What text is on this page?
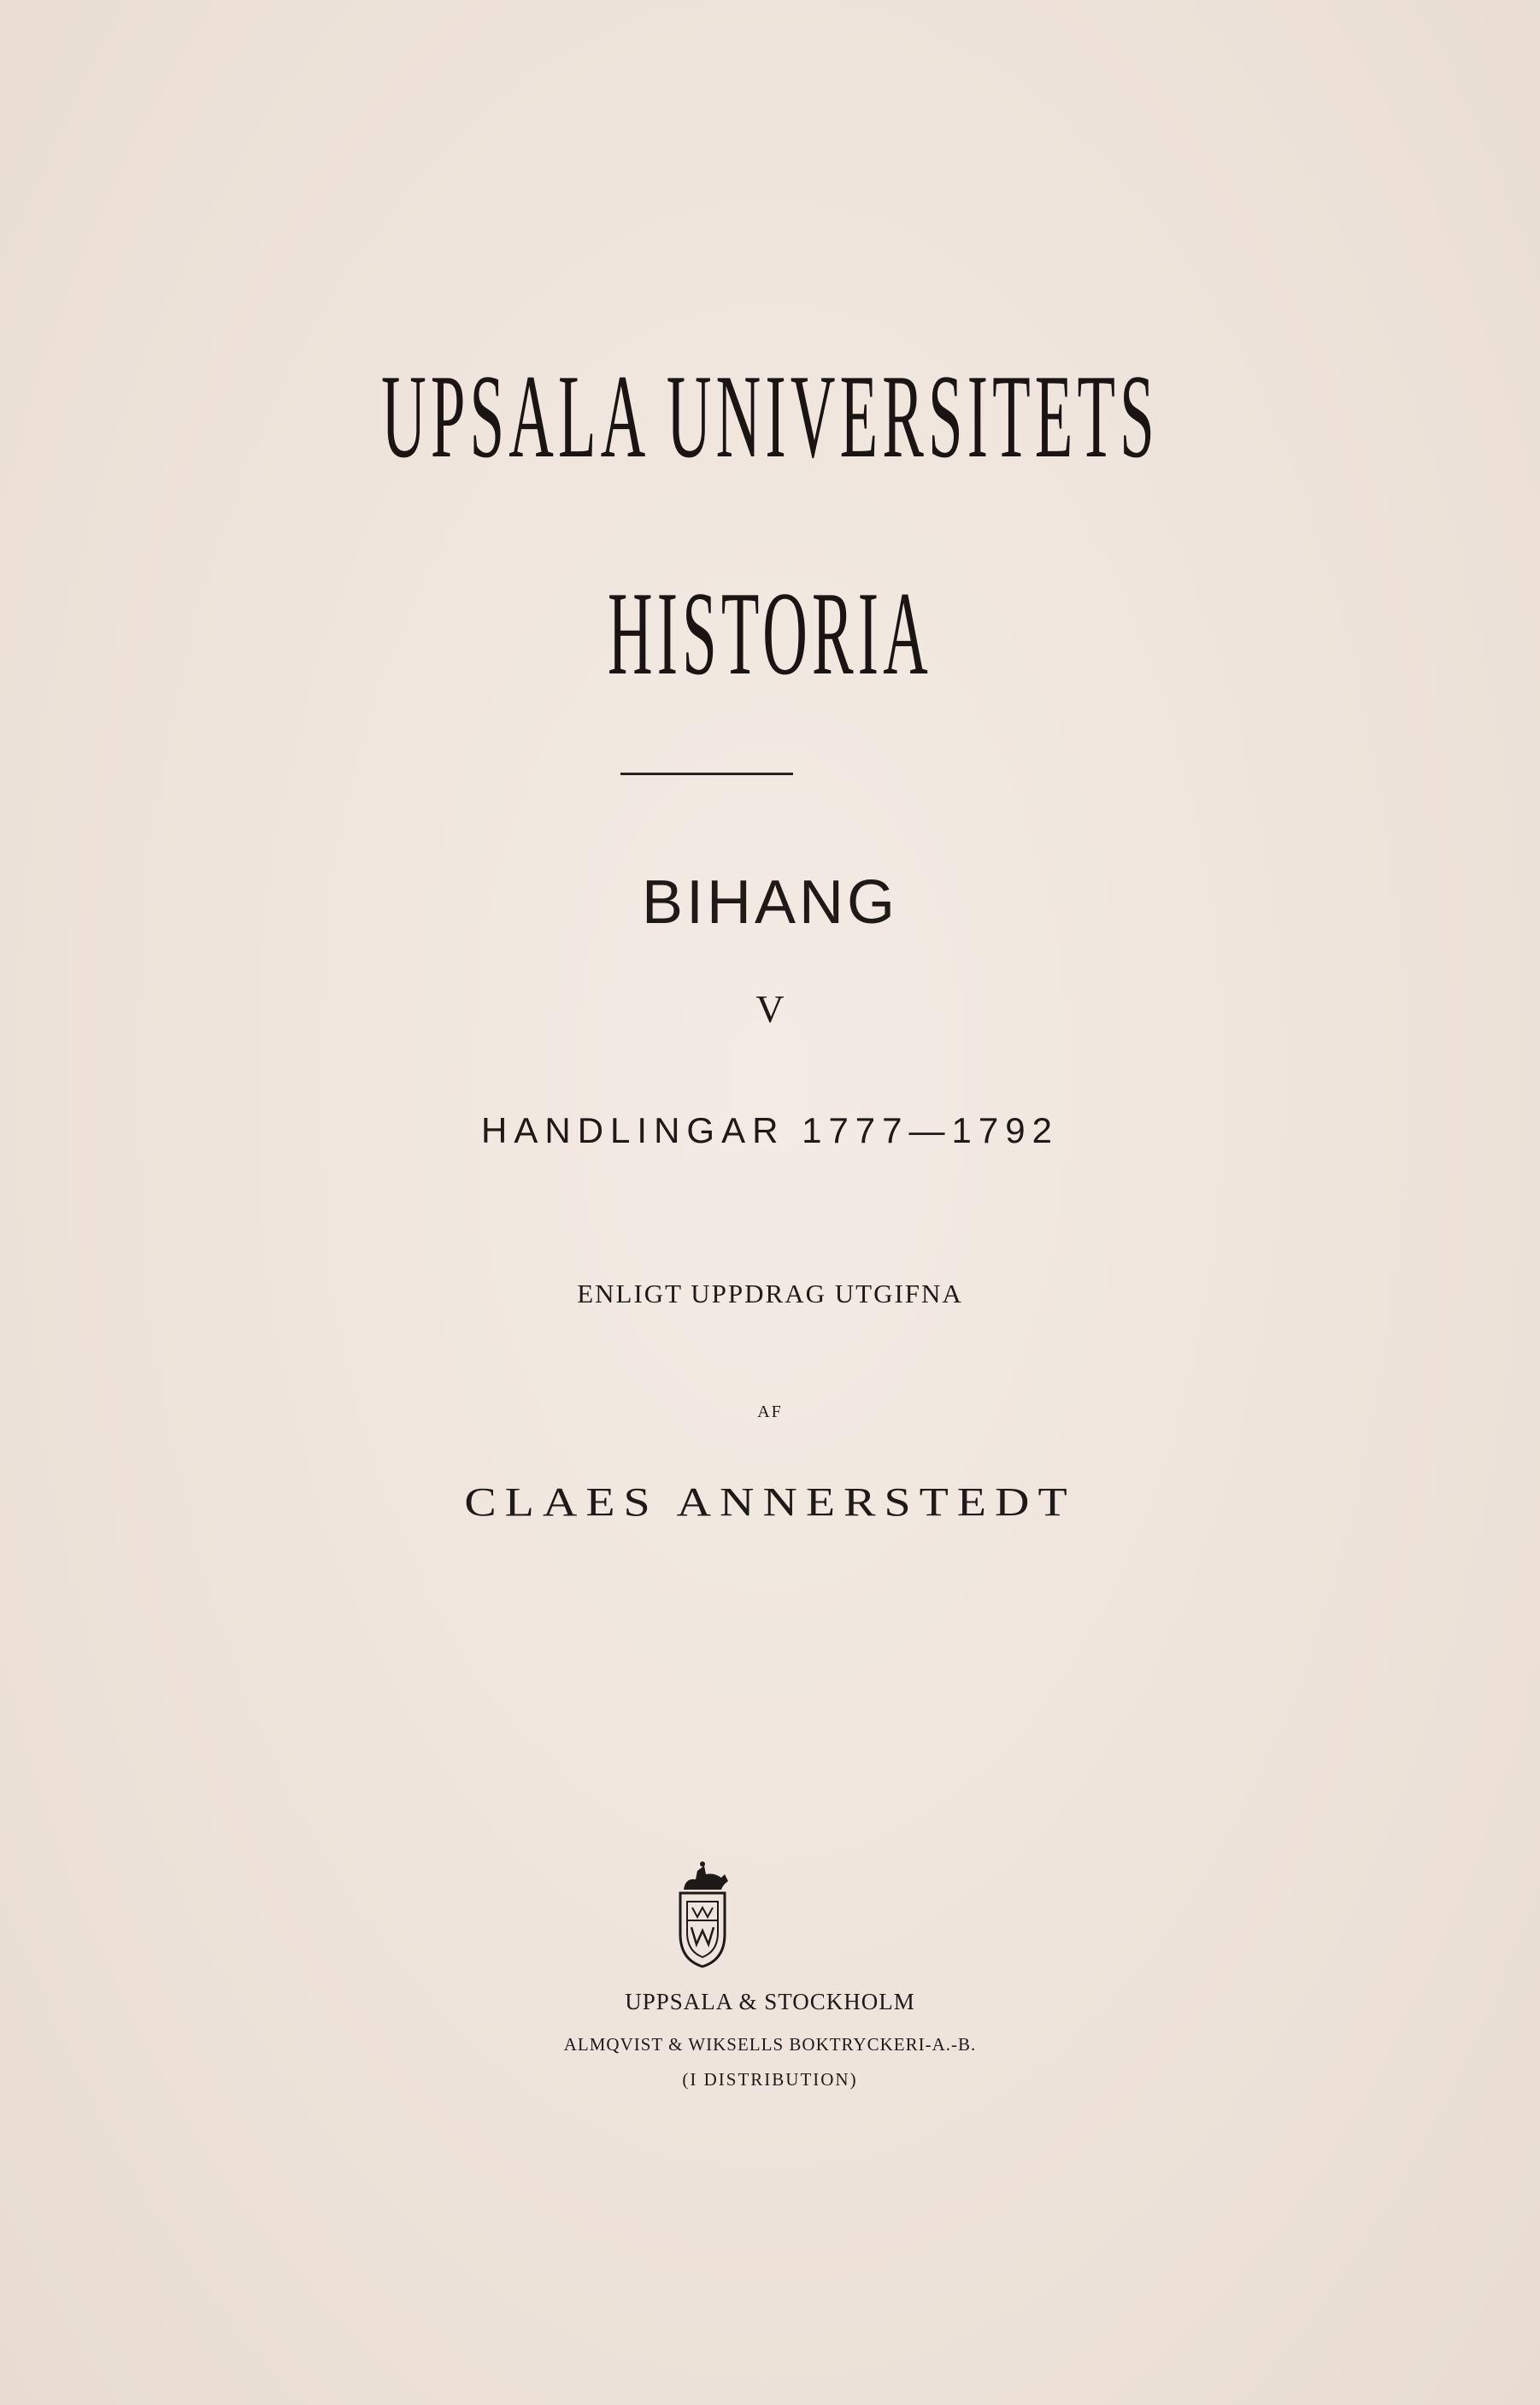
UPSALA UNIVERSITETS
HISTORIA
BIHANG
V
HANDLINGAR 1777—1792
ENLIGT UPPDRAG UTGIFNA
AF
CLAES ANNERSTEDT
UPPSALA & STOCKHOLM
ALMQVIST & WIKSELLS BOKTRYCKERI-A.-B.
(I DISTRIBUTION)
